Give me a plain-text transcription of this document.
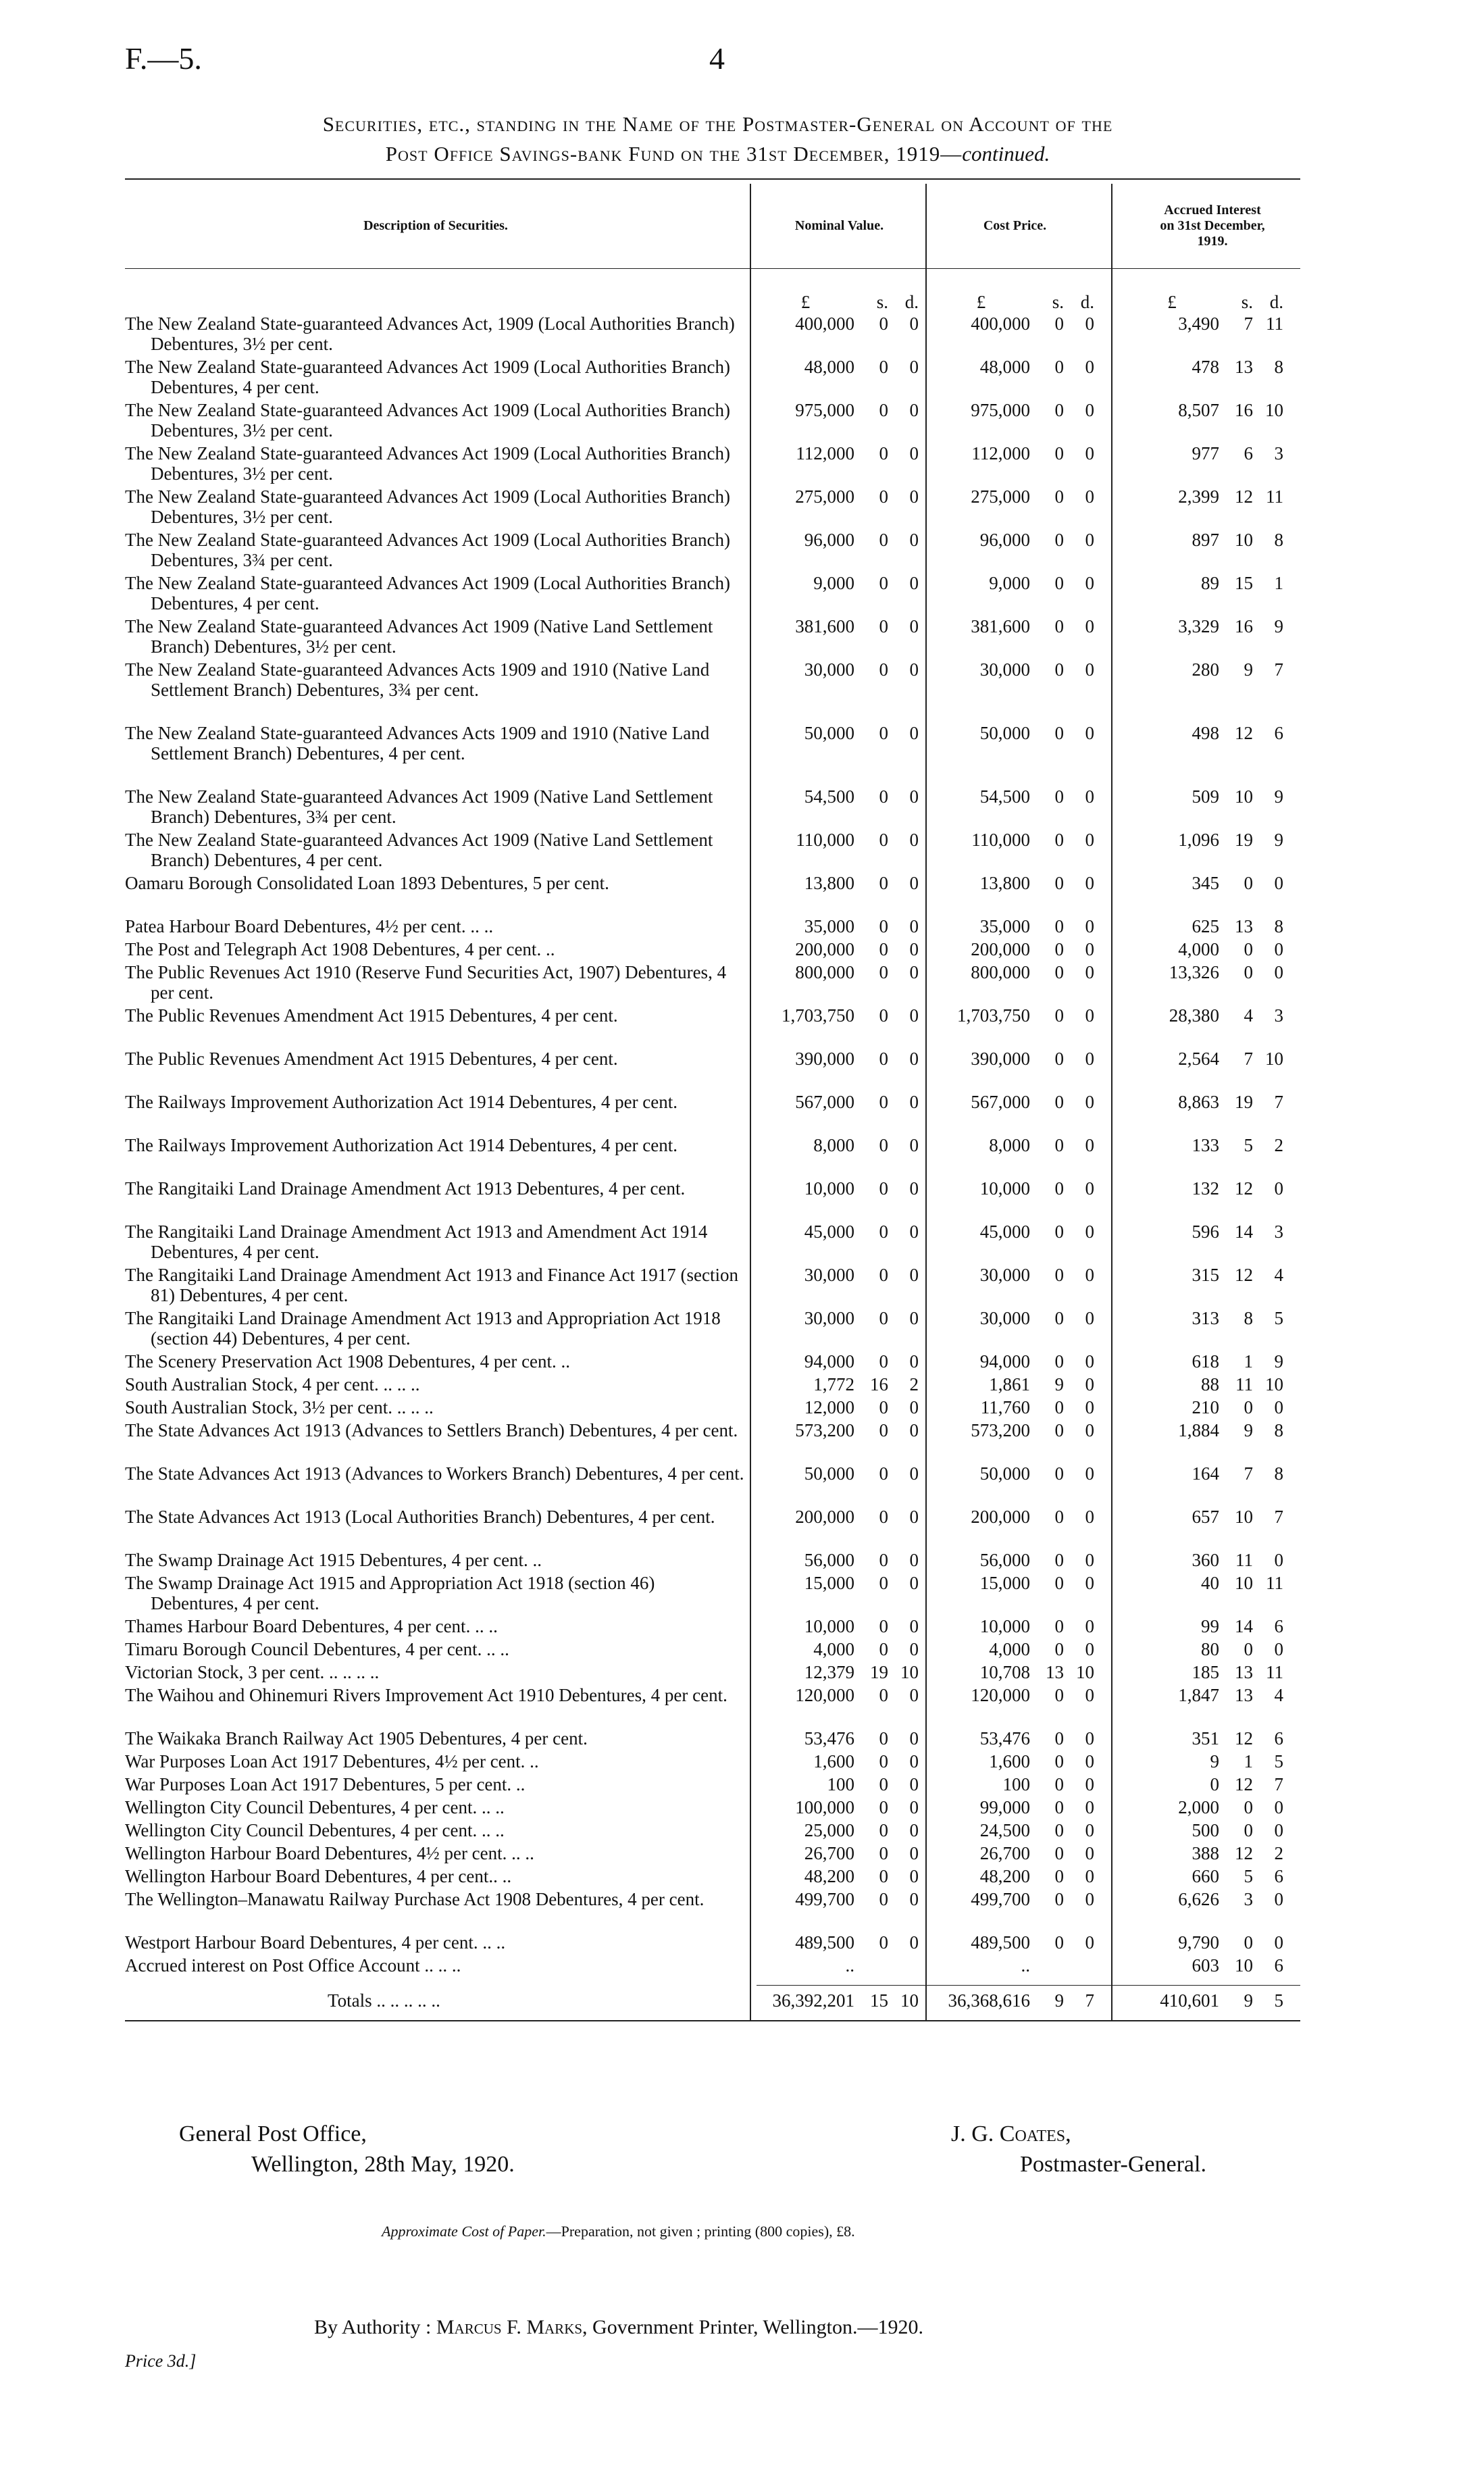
F.—5.	4
Securities, etc., standing in the Name of the Postmaster-General on Account of the
Post Office Savings-bank Fund on the 31st December, 1919—continued.
Description of Securities.	Nominal Value.	Cost Price.
Accrued Interest
on 31st December,
1919.
£	s. d.	£	s. d.	£	s. d.
The New Zealand State-guaranteed Advances Act, 1909 (Local Authorities Branch) Debentures, 3½ per cent.
400,000	0	0	400,000	0	0	3,490	7 11
The New Zealand State-guaranteed Advances Act 1909 (Local Authorities Branch) Debentures, 4 per cent.
48,000	0	0	48,000	0	0	478 13	8
The New Zealand State-guaranteed Advances Act 1909 (Local Authorities Branch) Debentures, 3½ per cent.
975,000	0	0	975,000	0	0	8,507 16 10
The New Zealand State-guaranteed Advances Act 1909 (Local Authorities Branch) Debentures, 3½ per cent.
112,000	0	0	112,000	0	0	977	6	3
The New Zealand State-guaranteed Advances Act 1909 (Local Authorities Branch) Debentures, 3½ per cent.
275,000	0	0	275,000	0	0	2,399 12 11
The New Zealand State-guaranteed Advances Act 1909 (Local Authorities Branch) Debentures, 3¾ per cent.
96,000	0	0	96,000	0	0	897 10	8
The New Zealand State-guaranteed Advances Act 1909 (Local Authorities Branch) Debentures, 4 per cent.
9,000	0	0	9,000	0	0	89 15	1
The New Zealand State-guaranteed Advances Act 1909 (Native Land Settlement Branch) Debentures, 3½ per cent.
381,600	0	0	381,600	0	0	3,329 16	9
The New Zealand State-guaranteed Advances Acts 1909 and 1910 (Native Land Settlement Branch) Debentures, 3¾ per cent.
30,000	0	0	30,000	0	0	280	9	7
The New Zealand State-guaranteed Advances Acts 1909 and 1910 (Native Land Settlement Branch) Debentures, 4 per cent.
50,000	0	0	50,000	0	0	498 12	6
The New Zealand State-guaranteed Advances Act 1909 (Native Land Settlement Branch) Debentures, 3¾ per cent.
54,500	0	0	54,500	0	0	509 10	9
The New Zealand State-guaranteed Advances Act 1909 (Native Land Settlement Branch) Debentures, 4 per cent.
110,000	0	0	110,000	0	0	1,096 19	9
Oamaru Borough Consolidated Loan 1893 Debentures, 5 per cent.	13,800	0	0	13,800	0	0	345	0	0
Patea Harbour Board Debentures, 4½ per cent. .. ..	35,000	0	0	35,000	0	0	625 13	8
The Post and Telegraph Act 1908 Debentures, 4 per cent. ..	200,000	0	0	200,000	0	0	4,000	0	0
The Public Revenues Act 1910 (Reserve Fund Securities Act, 1907) Debentures, 4 per cent.
800,000	0	0	800,000	0	0	13,326	0	0
The Public Revenues Amendment Act 1915 Debentures, 4 per cent.	1,703,750	0	0	1,703,750	0	0	28,380	4	3
The Public Revenues Amendment Act 1915 Debentures, 4 per cent.	390,000	0	0	390,000	0	0	2,564	7 10
The Railways Improvement Authorization Act 1914 Debentures, 4 per cent.	567,000	0	0	567,000	0	0	8,863 19	7
The Railways Improvement Authorization Act 1914 Debentures, 4 per cent.	8,000	0	0	8,000	0	0	133	5	2
The Rangitaiki Land Drainage Amendment Act 1913 Debentures, 4 per cent.	10,000	0	0	10,000	0	0	132 12	0
The Rangitaiki Land Drainage Amendment Act 1913 and Amendment Act 1914 Debentures, 4 per cent.
45,000	0	0	45,000	0	0	596 14	3
The Rangitaiki Land Drainage Amendment Act 1913 and Finance Act 1917 (section 81) Debentures, 4 per cent.
30,000	0	0	30,000	0	0	315 12	4
The Rangitaiki Land Drainage Amendment Act 1913 and Appropriation Act 1918 (section 44) Debentures, 4 per cent.
30,000	0	0	30,000	0	0	313	8	5
The Scenery Preservation Act 1908 Debentures, 4 per cent. ..	94,000	0	0	94,000	0	0	618	1	9
South Australian Stock, 4 per cent. .. .. ..	1,772 16	2	1,861	9	0	88 11 10
South Australian Stock, 3½ per cent. .. .. ..	12,000	0	0	11,760	0	0	210	0	0
The State Advances Act 1913 (Advances to Settlers Branch) Debentures, 4 per cent.	573,200	0	0	573,200	0	0	1,884	9	8
The State Advances Act 1913 (Advances to Workers Branch) Debentures, 4 per cent.	50,000	0	0	50,000	0	0	164	7	8
The State Advances Act 1913 (Local Authorities Branch) Debentures, 4 per cent.	200,000	0	0	200,000	0	0	657 10	7
The Swamp Drainage Act 1915 Debentures, 4 per cent. ..	56,000	0	0	56,000	0	0	360 11	0
The Swamp Drainage Act 1915 and Appropriation Act 1918 (section 46) Debentures, 4 per cent.
15,000	0	0	15,000	0	0	40 10 11
Thames Harbour Board Debentures, 4 per cent. .. ..	10,000	0	0	10,000	0	0	99 14	6
Timaru Borough Council Debentures, 4 per cent. .. ..	4,000	0	0	4,000	0	0	80	0	0
Victorian Stock, 3 per cent. .. .. .. ..	12,379 19 10	10,708 13 10	185 13 11
The Waihou and Ohinemuri Rivers Improvement Act 1910 Debentures, 4 per cent.	120,000	0	0	120,000	0	0	1,847 13	4
The Waikaka Branch Railway Act 1905 Debentures, 4 per cent.	53,476	0	0	53,476	0	0	351 12	6
War Purposes Loan Act 1917 Debentures, 4½ per cent. ..	1,600	0	0	1,600	0	0	9	1	5
War Purposes Loan Act 1917 Debentures, 5 per cent. ..	100	0	0	100	0	0	0 12	7
Wellington City Council Debentures, 4 per cent. .. ..	100,000	0	0	99,000	0	0	2,000	0	0
Wellington City Council Debentures, 4 per cent. .. ..	25,000	0	0	24,500	0	0	500	0	0
Wellington Harbour Board Debentures, 4½ per cent. .. ..	26,700	0	0	26,700	0	0	388 12	2
Wellington Harbour Board Debentures, 4 per cent.. ..	48,200	0	0	48,200	0	0	660	5	6
The Wellington–Manawatu Railway Purchase Act 1908 Debentures, 4 per cent.	499,700	0	0	499,700	0	0	6,626	3	0
Westport Harbour Board Debentures, 4 per cent. .. ..	489,500	0	0	489,500	0	0	9,790	0	0
Accrued interest on Post Office Account .. .. ..	..	..	603 10	6
Totals .. .. .. .. ..	36,392,201 15 10	36,368,616	9	7	410,601	9	5
General Post Office,
Wellington, 28th May, 1920.
J. G. Coates,
Postmaster-General.
Approximate Cost of Paper.—Preparation, not given ; printing (800 copies), £8.
By Authority : Marcus F. Marks, Government Printer, Wellington.—1920.
Price 3d.]
